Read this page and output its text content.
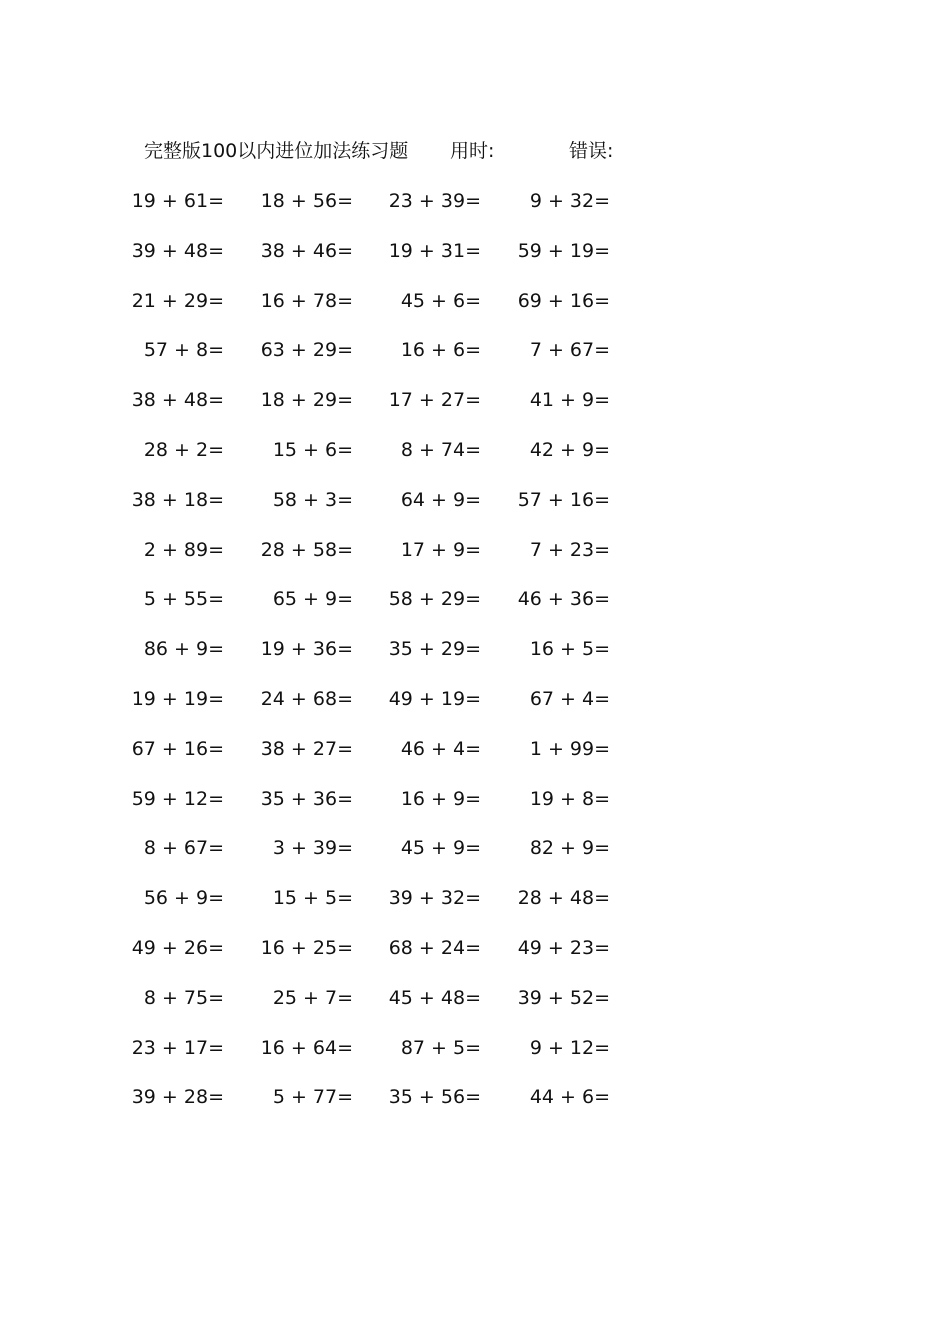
完整版100以内进位加法练习题 用时:	错误:
19 + 61= 18 + 56= 23 + 39=	9 + 32=
39 + 48= 38 + 46= 19 + 31= 59 + 19=
21 + 29= 16 + 78=	45 + 6= 69 + 16=
57 + 8= 63 + 29=	16 + 6=	7 + 67=
38 + 48= 18 + 29= 17 + 27=	41 + 9=
28 + 2=	15 + 6=	8 + 74=	42 + 9=
38 + 18=	58 + 3=	64 + 9= 57 + 16=
2 + 89= 28 + 58=	17 + 9=	7 + 23=
5 + 55=	65 + 9= 58 + 29= 46 + 36=
86 + 9= 19 + 36= 35 + 29=	16 + 5=
19 + 19= 24 + 68= 49 + 19=	67 + 4=
67 + 16= 38 + 27=	46 + 4=	1 + 99=
59 + 12= 35 + 36=	16 + 9=	19 + 8=
8 + 67=	3 + 39=	45 + 9=	82 + 9=
56 + 9=	15 + 5= 39 + 32= 28 + 48=
49 + 26= 16 + 25= 68 + 24= 49 + 23=
8 + 75=	25 + 7= 45 + 48= 39 + 52=
23 + 17= 16 + 64=	87 + 5=	9 + 12=
39 + 28=	5 + 77= 35 + 56=	44 + 6=
